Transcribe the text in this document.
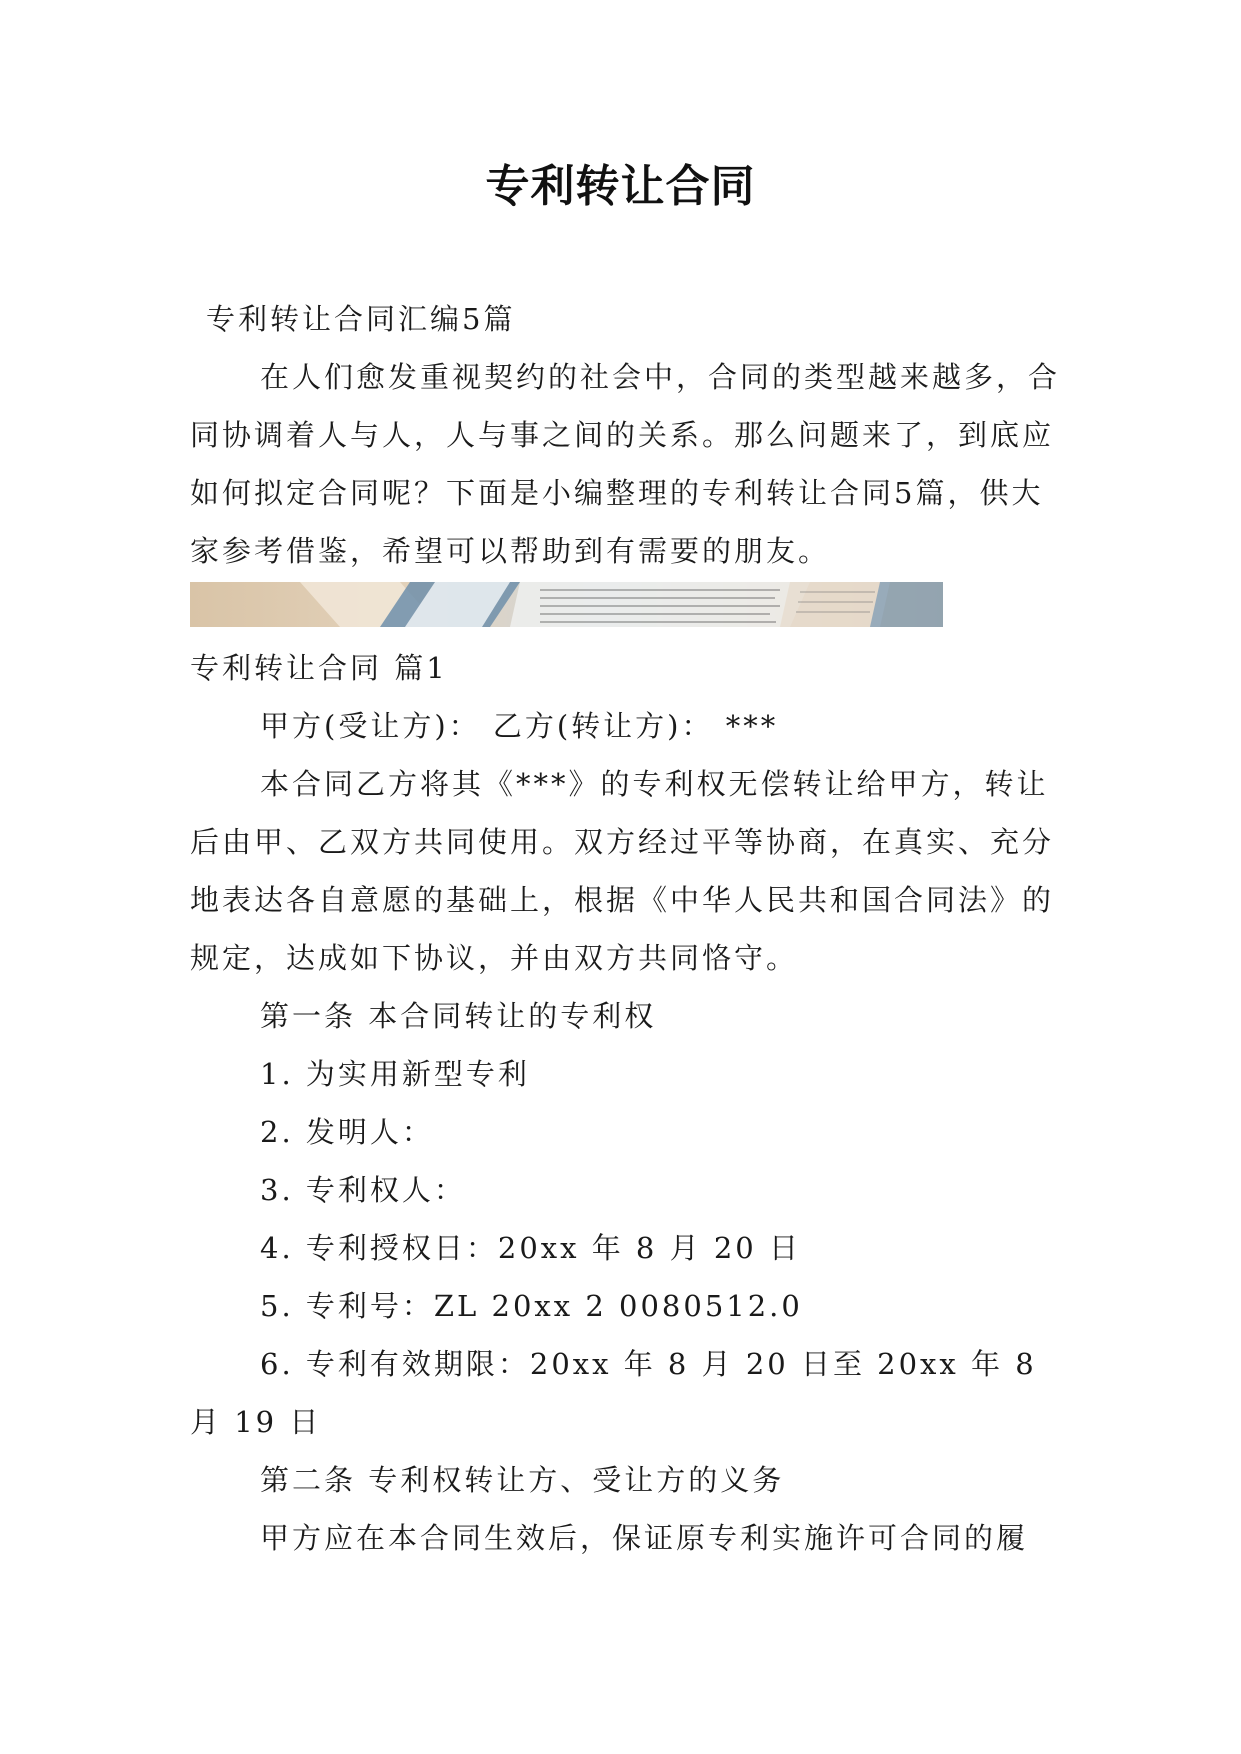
专利转让合同

专利转让合同汇编5篇

在人们愈发重视契约的社会中，合同的类型越来越多，合同协调着人与人，人与事之间的关系。那么问题来了，到底应如何拟定合同呢？下面是小编整理的专利转让合同5篇，供大家参考借鉴，希望可以帮助到有需要的朋友。

专利转让合同 篇1

甲方(受让方)： 乙方(转让方)： ***

本合同乙方将其《***》的专利权无偿转让给甲方，转让后由甲、乙双方共同使用。双方经过平等协商，在真实、充分地表达各自意愿的基础上，根据《中华人民共和国合同法》的规定，达成如下协议，并由双方共同恪守。

第一条 本合同转让的专利权

1. 为实用新型专利

2. 发明人：

3. 专利权人：

4. 专利授权日：20xx 年 8 月 20 日

5. 专利号：ZL 20xx 2 0080512.0

6. 专利有效期限：20xx 年 8 月 20 日至 20xx 年 8 月 19 日

第二条 专利权转让方、受让方的义务

甲方应在本合同生效后，保证原专利实施许可合同的履
